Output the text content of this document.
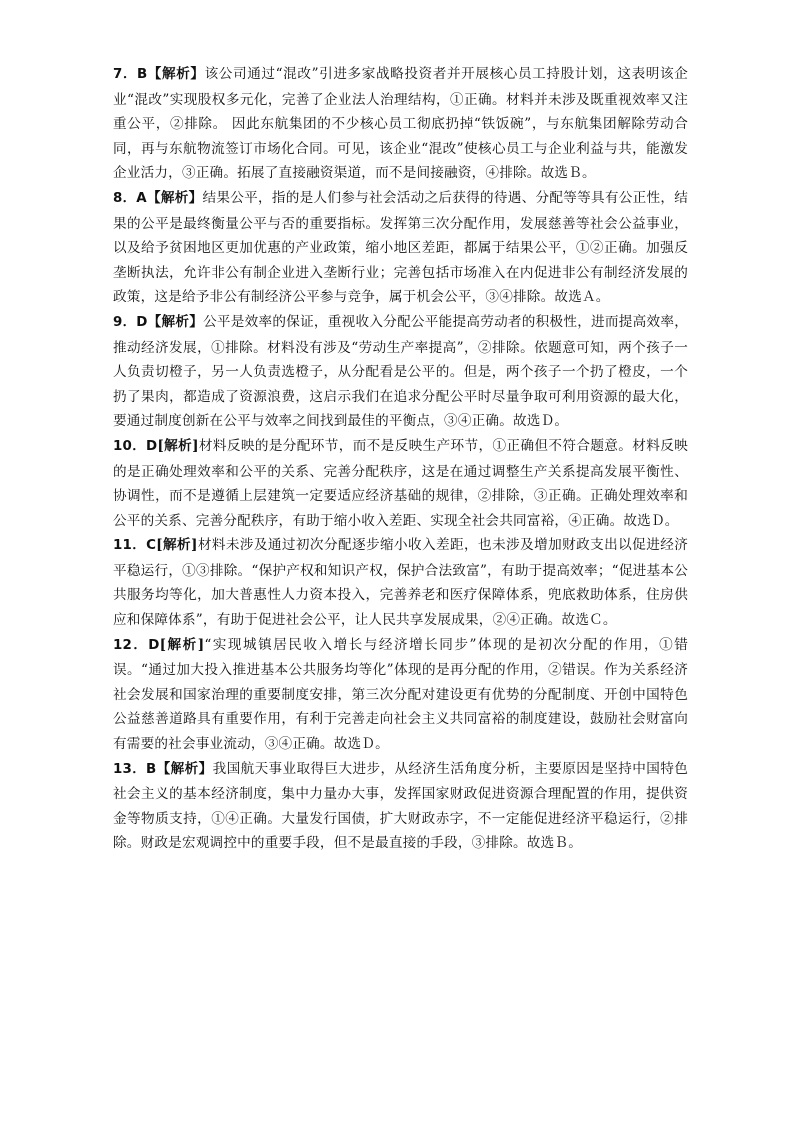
7．B【解析】该公司通过“混改”引进多家战略投资者并开展核心员工持股计划，这表明该企业“混改”实现股权多元化，完善了企业法人治理结构，①正确。材料并未涉及既重视效率又注重公平，②排除。 因此东航集团的不少核心员工彻底扔掉“铁饭碗”，与东航集团解除劳动合同，再与东航物流签订市场化合同。可见，该企业“混改”使核心员工与企业利益与共，能激发企业活力，③正确。拓展了直接融资渠道，而不是间接融资，④排除。故选Ｂ。

8．A【解析】结果公平，指的是人们参与社会活动之后获得的待遇、分配等等具有公正性，结果的公平是最终衡量公平与否的重要指标。发挥第三次分配作用，发展慈善等社会公益事业，以及给予贫困地区更加优惠的产业政策，缩小地区差距，都属于结果公平，①②正确。加强反垄断执法，允许非公有制企业进入垄断行业；完善包括市场准入在内促进非公有制经济发展的政策，这是给予非公有制经济公平参与竞争，属于机会公平，③④排除。故选Ａ。

9．D【解析】公平是效率的保证，重视收入分配公平能提高劳动者的积极性，进而提高效率，推动经济发展，①排除。材料没有涉及“劳动生产率提高”，②排除。依题意可知，两个孩子一人负责切橙子，另一人负责选橙子，从分配看是公平的。但是，两个孩子一个扔了橙皮，一个扔了果肉，都造成了资源浪费，这启示我们在追求分配公平时尽量争取可利用资源的最大化，要通过制度创新在公平与效率之间找到最佳的平衡点，③④正确。故选Ｄ。

10．D[解析]材料反映的是分配环节，而不是反映生产环节，①正确但不符合题意。材料反映的是正确处理效率和公平的关系、完善分配秩序，这是在通过调整生产关系提高发展平衡性、协调性，而不是遵循上层建筑一定要适应经济基础的规律，②排除，③正确。正确处理效率和公平的关系、完善分配秩序，有助于缩小收入差距、实现全社会共同富裕，④正确。故选Ｄ。

11．C[解析]材料未涉及通过初次分配逐步缩小收入差距，也未涉及增加财政支出以促进经济平稳运行，①③排除。“保护产权和知识产权，保护合法致富”，有助于提高效率；“促进基本公共服务均等化，加大普惠性人力资本投入，完善养老和医疗保障体系，兜底救助体系，住房供应和保障体系”，有助于促进社会公平，让人民共享发展成果，②④正确。故选Ｃ。

12．D[解析]“实现城镇居民收入增长与经济增长同步”体现的是初次分配的作用，①错误。“通过加大投入推进基本公共服务均等化”体现的是再分配的作用，②错误。作为关系经济社会发展和国家治理的重要制度安排，第三次分配对建设更有优势的分配制度、开创中国特色公益慈善道路具有重要作用，有利于完善走向社会主义共同富裕的制度建设，鼓励社会财富向有需要的社会事业流动，③④正确。故选Ｄ。

13．B【解析】我国航天事业取得巨大进步，从经济生活角度分析，主要原因是坚持中国特色社会主义的基本经济制度，集中力量办大事，发挥国家财政促进资源合理配置的作用，提供资金等物质支持，①④正确。大量发行国债，扩大财政赤字，不一定能促进经济平稳运行，②排除。财政是宏观调控中的重要手段，但不是最直接的手段，③排除。故选Ｂ。
